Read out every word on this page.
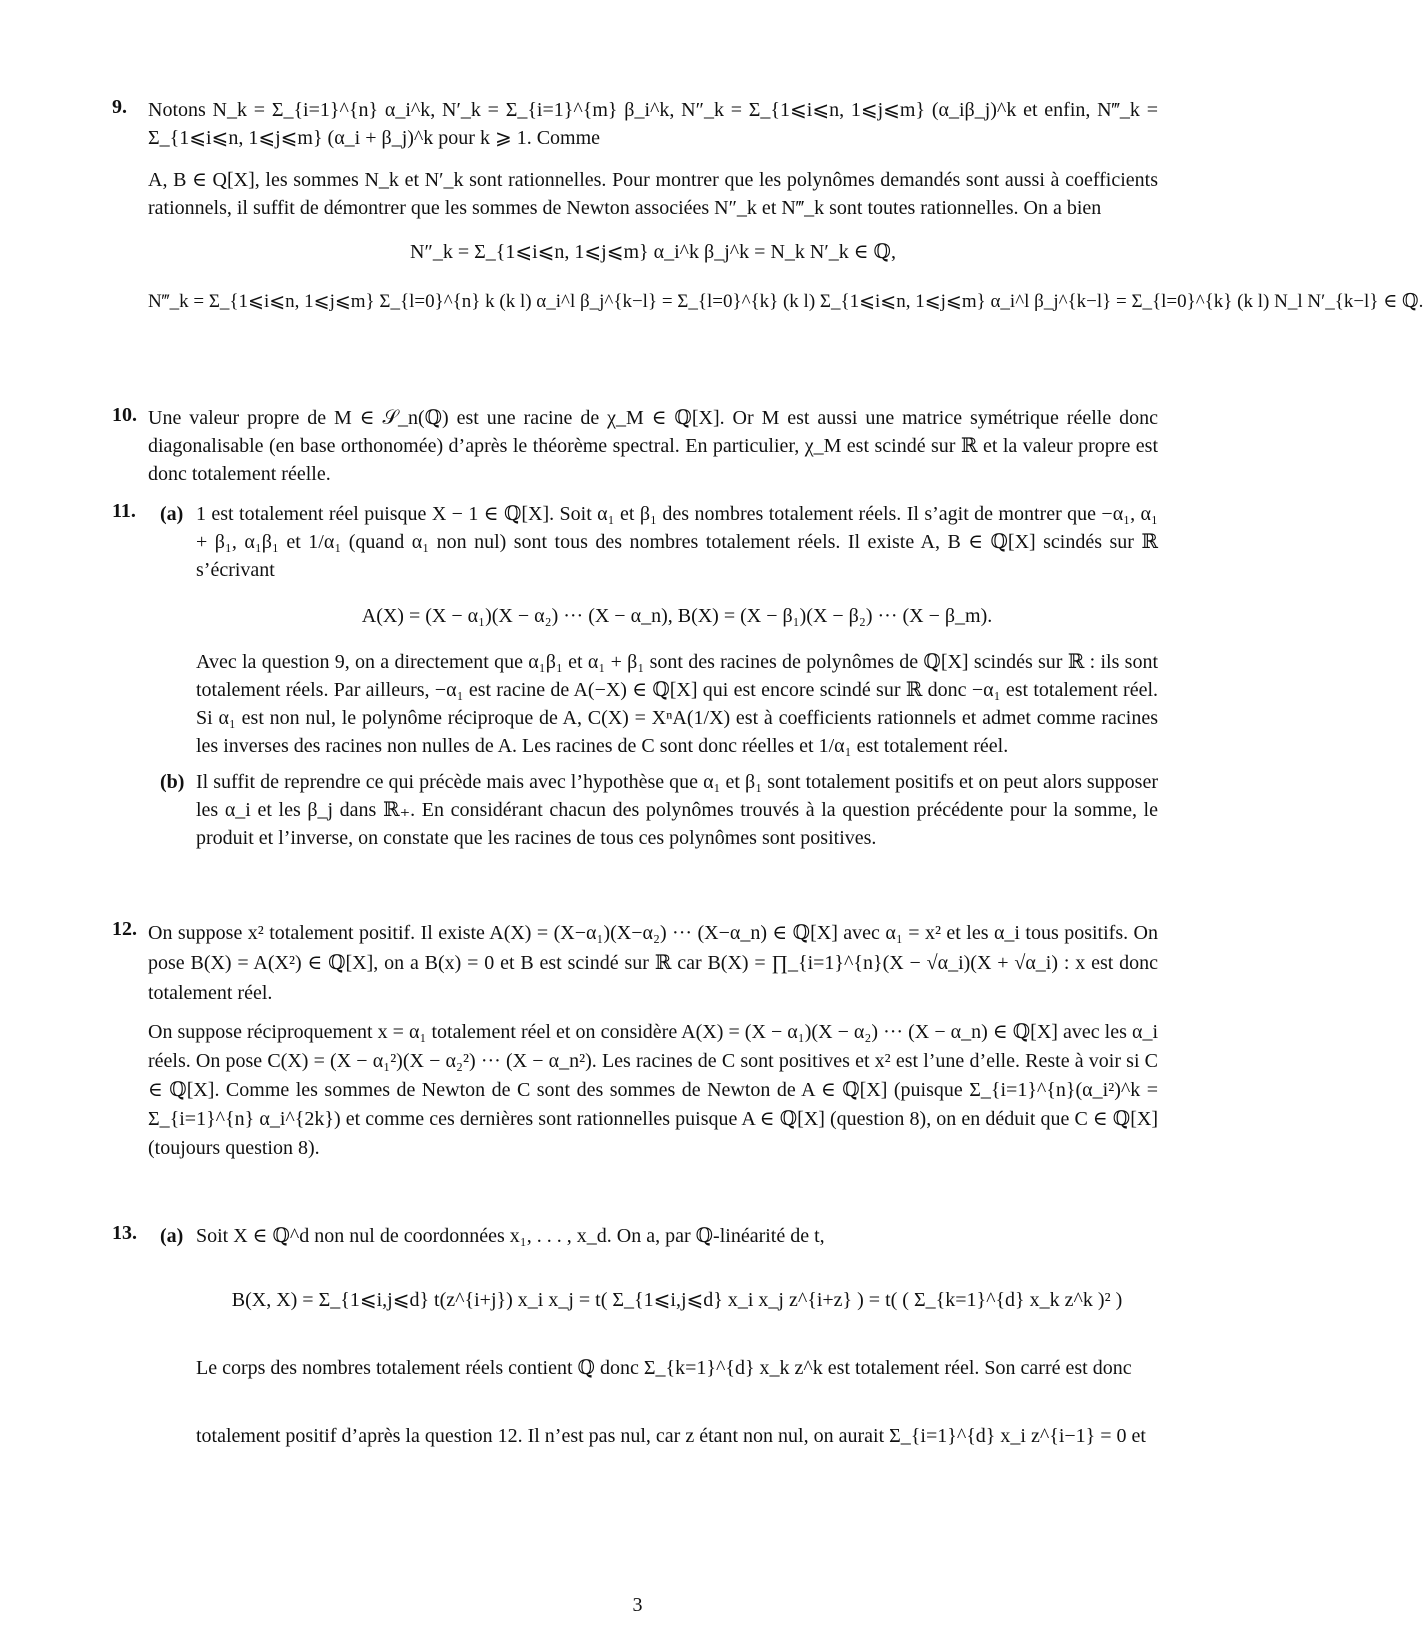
9. Notons N_k = Σ_{i=1}^{n} α_i^k, N′_k = Σ_{i=1}^{m} β_i^k, N″_k = Σ_{1⩽i⩽n, 1⩽j⩽m} (α_iβ_j)^k et enfin, N‴_k = Σ_{1⩽i⩽n, 1⩽j⩽m} (α_i + β_j)^k pour k ⩾ 1. Comme
A, B ∈ Q[X], les sommes N_k et N′_k sont rationnelles. Pour montrer que les polynômes demandés sont aussi à coefficients rationnels, il suffit de démontrer que les sommes de Newton associées N″_k et N‴_k sont toutes rationnelles. On a bien
N″_k = Σ_{1⩽i⩽n, 1⩽j⩽m} α_i^k β_j^k = N_k N′_k ∈ ℚ,
N‴_k = Σ_{1⩽i⩽n, 1⩽j⩽m} Σ_{l=0}^{n} k (k l) α_i^l β_j^{k−l} = Σ_{l=0}^{k} (k l) Σ_{1⩽i⩽n, 1⩽j⩽m} α_i^l β_j^{k−l} = Σ_{l=0}^{k} (k l) N_l N′_{k−l} ∈ ℚ.
10. Une valeur propre de M ∈ 𝒮_n(ℚ) est une racine de χ_M ∈ ℚ[X]. Or M est aussi une matrice symétrique réelle donc diagonalisable (en base orthonomée) d’après le théorème spectral. En particulier, χ_M est scindé sur ℝ et la valeur propre est donc totalement réelle.
11. (a) 1 est totalement réel puisque X − 1 ∈ ℚ[X]. Soit α₁ et β₁ des nombres totalement réels. Il s’agit de montrer que −α₁, α₁ + β₁, α₁β₁ et 1/α₁ (quand α₁ non nul) sont tous des nombres totalement réels. Il existe A, B ∈ ℚ[X] scindés sur ℝ s’écrivant
A(X) = (X − α₁)(X − α₂) ··· (X − α_n), B(X) = (X − β₁)(X − β₂) ··· (X − β_m).
Avec la question 9, on a directement que α₁β₁ et α₁ + β₁ sont des racines de polynômes de ℚ[X] scindés sur ℝ : ils sont totalement réels. Par ailleurs, −α₁ est racine de A(−X) ∈ ℚ[X] qui est encore scindé sur ℝ donc −α₁ est totalement réel. Si α₁ est non nul, le polynôme réciproque de A, C(X) = XⁿA(1/X) est à coefficients rationnels et admet comme racines les inverses des racines non nulles de A. Les racines de C sont donc réelles et 1/α₁ est totalement réel.
(b) Il suffit de reprendre ce qui précède mais avec l’hypothèse que α₁ et β₁ sont totalement positifs et on peut alors supposer les α_i et les β_j dans ℝ₊. En considérant chacun des polynômes trouvés à la question précédente pour la somme, le produit et l’inverse, on constate que les racines de tous ces polynômes sont positives.
12. On suppose x² totalement positif. Il existe A(X) = (X−α₁)(X−α₂) ··· (X−α_n) ∈ ℚ[X] avec α₁ = x² et les α_i tous positifs. On pose B(X) = A(X²) ∈ ℚ[X], on a B(x) = 0 et B est scindé sur ℝ car B(X) = ∏_{i=1}^{n}(X − √α_i)(X + √α_i) : x est donc totalement réel.
On suppose réciproquement x = α₁ totalement réel et on considère A(X) = (X − α₁)(X − α₂) ··· (X − α_n) ∈ ℚ[X] avec les α_i réels. On pose C(X) = (X − α₁²)(X − α₂²) ··· (X − α_n²). Les racines de C sont positives et x² est l’une d’elle. Reste à voir si C ∈ ℚ[X]. Comme les sommes de Newton de C sont des sommes de Newton de A ∈ ℚ[X] (puisque Σ_{i=1}^{n}(α_i²)^k = Σ_{i=1}^{n} α_i^{2k}) et comme ces dernières sont rationnelles puisque A ∈ ℚ[X] (question 8), on en déduit que C ∈ ℚ[X] (toujours question 8).
13. (a) Soit X ∈ ℚ^d non nul de coordonnées x₁, . . . , x_d. On a, par ℚ-linéarité de t,
B(X, X) = Σ_{1⩽i,j⩽d} t(z^{i+j}) x_i x_j = t( Σ_{1⩽i,j⩽d} x_i x_j z^{i+z} ) = t( ( Σ_{k=1}^{d} x_k z^k )² )
Le corps des nombres totalement réels contient ℚ donc Σ_{k=1}^{d} x_k z^k est totalement réel. Son carré est donc
totalement positif d’après la question 12. Il n’est pas nul, car z étant non nul, on aurait Σ_{i=1}^{d} x_i z^{i−1} = 0 et
3
